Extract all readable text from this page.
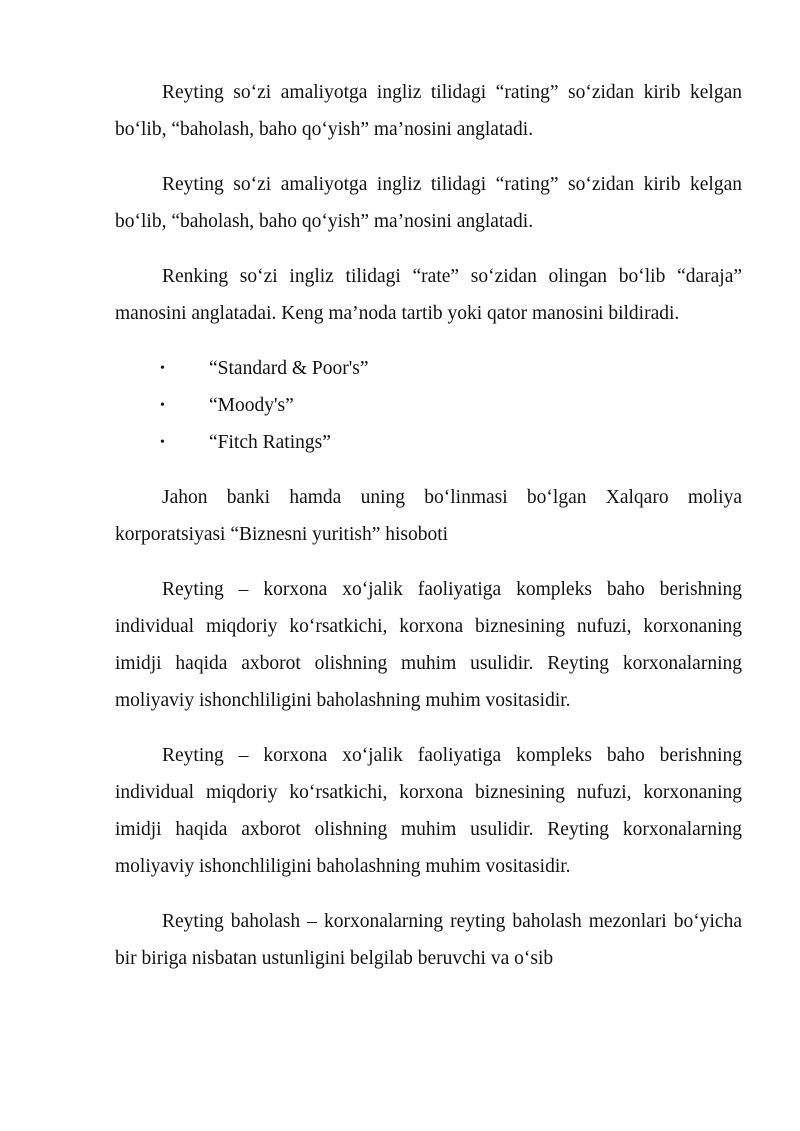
Reyting so‘zi amaliyotga ingliz tilidagi “rating” so‘zidan kirib kelgan bo‘lib, “baholash, baho qo‘yish” ma’nosini anglatadi.

Reyting so‘zi amaliyotga ingliz tilidagi “rating” so‘zidan kirib kelgan bo‘lib, “baholash, baho qo‘yish” ma’nosini anglatadi.

Renking so‘zi ingliz tilidagi “rate” so‘zidan olingan bo‘lib “daraja” manosini anglatadai. Keng ma’noda tartib yoki qator manosini bildiradi.

• “Standard & Poor's”
• “Moody's”
• “Fitch Ratings”

Jahon banki hamda uning bo‘linmasi bo‘lgan Xalqaro moliya korporatsiyasi “Biznesni yuritish” hisoboti

Reyting – korxona xo‘jalik faoliyatiga kompleks baho berishning individual miqdoriy ko‘rsatkichi, korxona biznesining nufuzi, korxonaning imidji haqida axborot olishning muhim usulidir. Reyting korxonalarning moliyaviy ishonchliligini baholashning muhim vositasidir.

Reyting – korxona xo‘jalik faoliyatiga kompleks baho berishning individual miqdoriy ko‘rsatkichi, korxona biznesining nufuzi, korxonaning imidji haqida axborot olishning muhim usulidir. Reyting korxonalarning moliyaviy ishonchliligini baholashning muhim vositasidir.

Reyting baholash – korxonalarning reyting baholash mezonlari bo‘yicha bir biriga nisbatan ustunligini belgilab beruvchi va o‘sib
